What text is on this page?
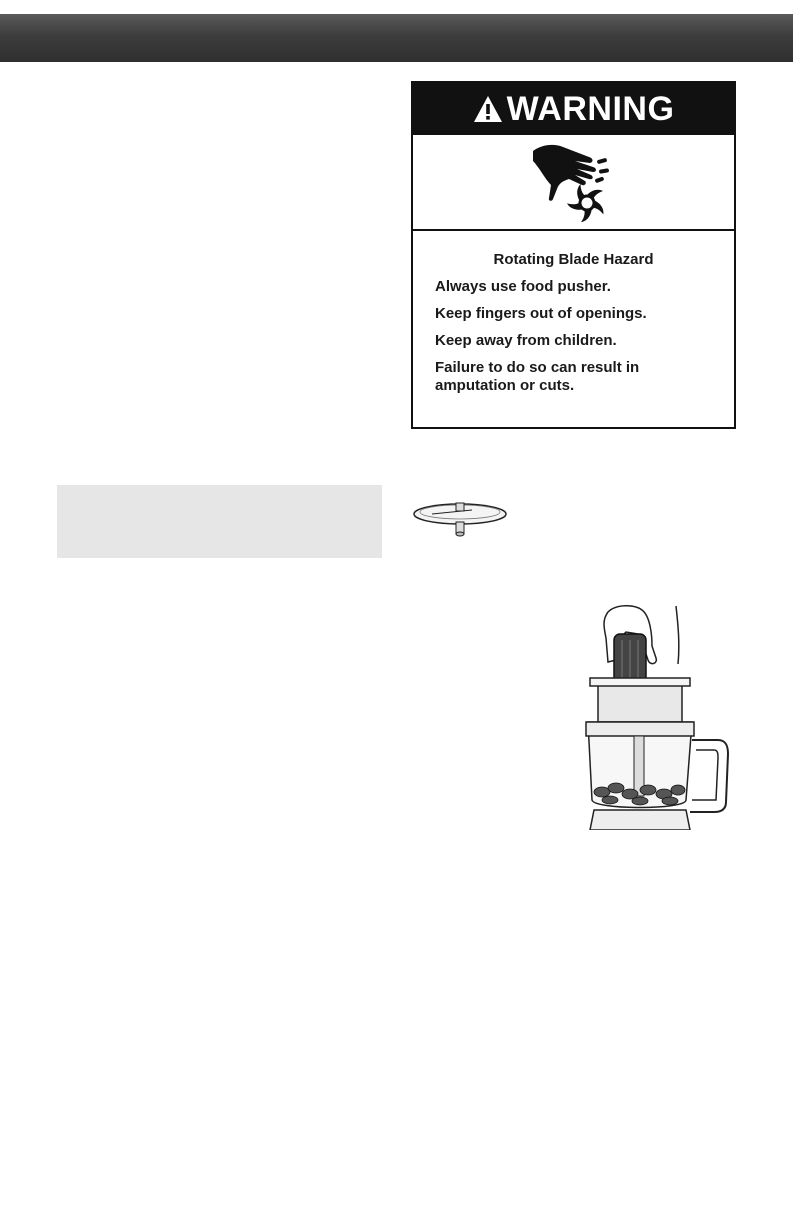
WARNING
Rotating Blade Hazard
Always use food pusher.
Keep fingers out of openings.
Keep away from children.
Failure to do so can result in amputation or cuts.
